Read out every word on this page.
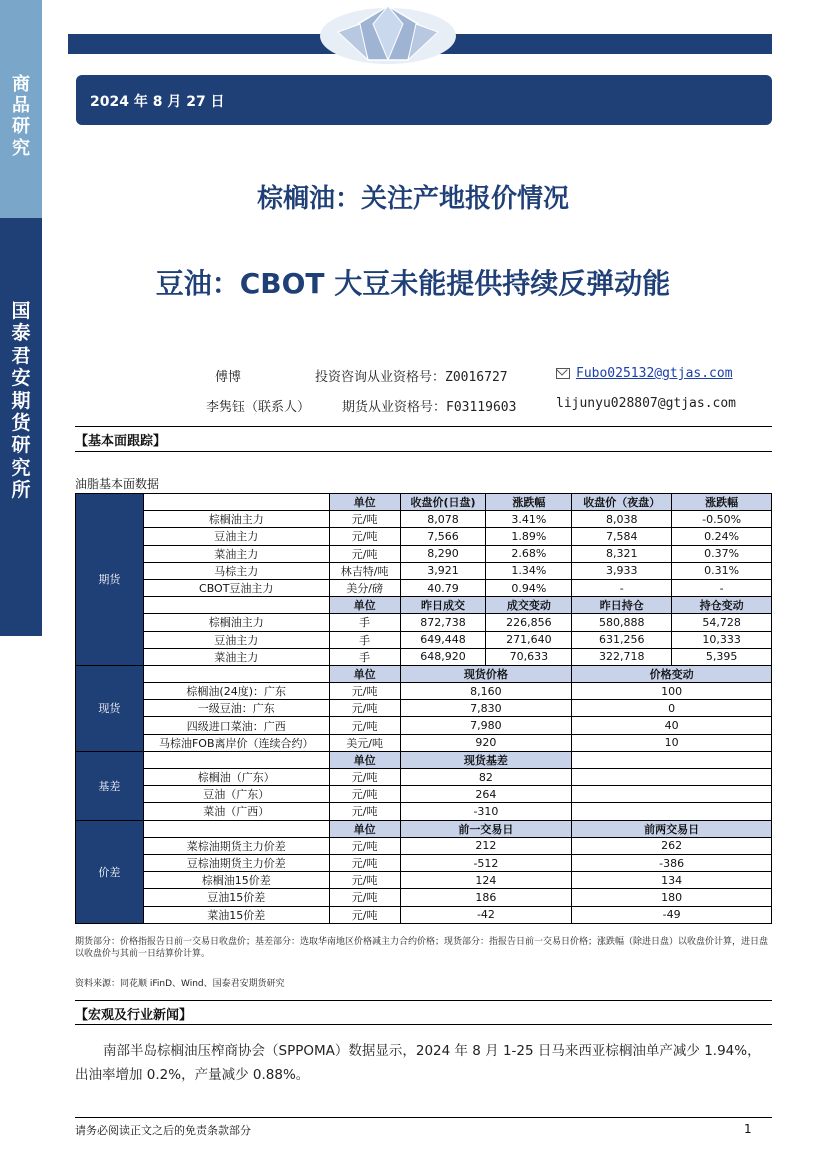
商
品
研
究
国
泰
君
安
期
货
研
究
所
2024 年 8 月 27 日
棕榈油：关注产地报价情况
豆油：CBOT 大豆未能提供持续反弹动能
傅博	投资咨询从业资格号：Z0016727	Fubo025132@gtjas.com
李隽钰（联系人） 期货从业资格号：F03119603	lijunyu028807@gtjas.com
【基本面跟踪】
油脂基本面数据
期货		单位	收盘价(日盘)	涨跌幅	收盘价（夜盘）	涨跌幅
	棕榈油主力	元/吨	8,078	3.41%	8,038	-0.50%
	豆油主力	元/吨	7,566	1.89%	7,584	0.24%
	菜油主力	元/吨	8,290	2.68%	8,321	0.37%
	马棕主力	林吉特/吨	3,921	1.34%	3,933	0.31%
	CBOT豆油主力	美分/磅	40.79	0.94%	-	-
		单位	昨日成交	成交变动	昨日持仓	持仓变动
	棕榈油主力	手	872,738	226,856	580,888	54,728
	豆油主力	手	649,448	271,640	631,256	10,333
	菜油主力	手	648,920	70,633	322,718	5,395
现货		单位	现货价格		价格变动	
	棕榈油(24度)：广东	元/吨	8,160		100	
	一级豆油：广东	元/吨	7,830		0	
	四级进口菜油：广西	元/吨	7,980		40	
	马棕油FOB离岸价（连续合约）	美元/吨	920		10	
基差		单位	现货基差			
	棕榈油（广东）	元/吨	82			
	豆油（广东）	元/吨	264			
	菜油（广西）	元/吨	-310			
价差		单位	前一交易日		前两交易日	
	菜棕油期货主力价差	元/吨	212		262	
	豆棕油期货主力价差	元/吨	-512		-386	
	棕榈油15价差	元/吨	124		134	
	豆油15价差	元/吨	186		180	
	菜油15价差	元/吨	-42		-49	
期货部分：价格指报告日前一交易日收盘价；基差部分：选取华南地区价格减主力合约价格；现货部分：指报告日前一交易日价格；涨跌幅（除进日盘）以收盘价计算，进日盘以收盘价与其前一日结算价计算。
资料来源：同花顺 iFinD、Wind、国泰君安期货研究
【宏观及行业新闻】
南部半岛棕榈油压榨商协会（SPPOMA）数据显示，2024 年 8 月 1-25 日马来西亚棕榈油单产减少 1.94%，出油率增加 0.2%，产量减少 0.88%。
请务必阅读正文之后的免责条款部分	1
